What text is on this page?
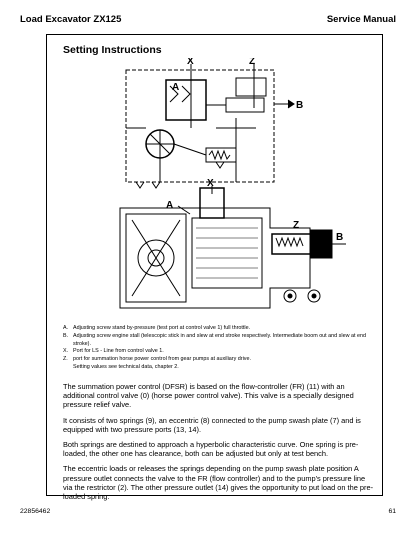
Load Excavator ZX125	Service Manual
Setting Instructions
X	Z
A
B
X
A
Z
B
A. Adjusting screw stand by-pressure (test port at control valve 1) full throttle.
B. Adjusting screw engine stall (telescopic stick in and slew at end stroke respectively. Intermediate boom out and slew at end stroke).
X. Port for LS - Line from control valve 1.
Z. port for summation horse power control from gear pumps at auxiliary drive.
Setting values see technical data, chapter 2.

The summation power control (DFSR) is based on the flow-controller (FR) (11) with an additional control valve (0) (horse power control valve). This valve is a specially designed pressure relief valve.

It consists of two springs (9), an eccentric (8) connected to the pump swash plate (7) and is equipped with two pressure ports (13, 14).

Both springs are destined to approach a hyperbolic characteristic curve. One spring is pre-loaded, the other one has clearance, both can be adjusted but only at test bench.

The eccentric loads or releases the springs depending on the pump swash plate position A pressure outlet connects the valve to the FR (flow controller) and to the pump's pressure line via the restrictor (2). The other pressure outlet (14) gives the opportunity to put load on the pre-loaded spring.

22856462	61
